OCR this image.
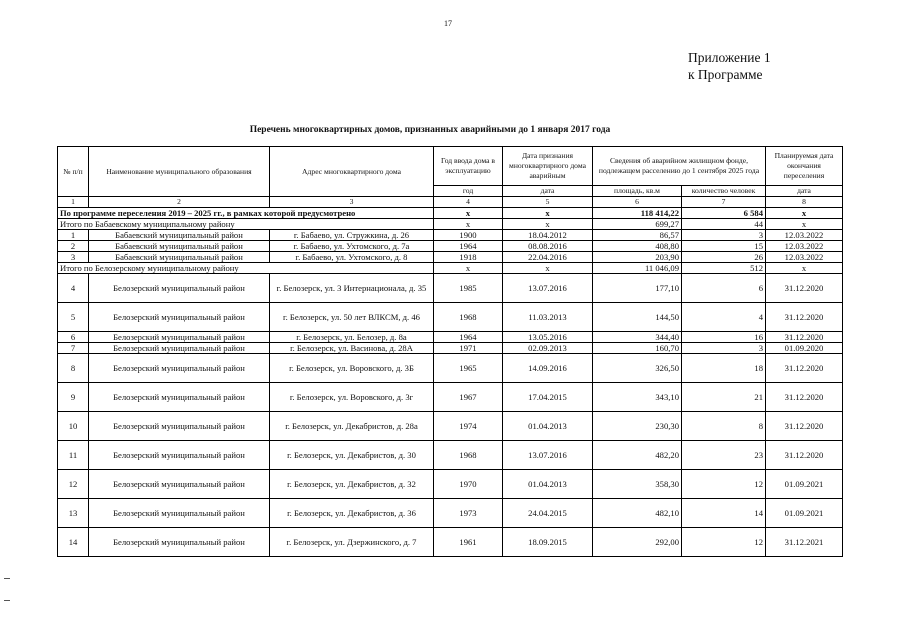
17
Приложение 1
к Программе
Перечень многоквартирных домов, признанных аварийными до 1 января 2017 года
№ п/п	Наименование муниципального образования	Адрес многоквартирного дома	Год ввода дома в эксплуатацию	Дата признания многоквартирного дома аварийным	Сведения об аварийном жилищном фонде, подлежащем расселению до 1 сентября 2025 года		Планируемая дата окончания переселения
			год	дата	площадь, кв.м	количество человек	дата
1	2	3	4	5	6	7	8
По программе переселения 2019 – 2025 гг., в рамках которой предусмотрено			x	x	118 414,22	6 584	x
Итого по Бабаевскому муниципальному району			x	x	699,27	44	x
1	Бабаевский муниципальный район	г. Бабаево, ул. Стружкина, д. 26	1900	18.04.2012	86,57	3	12.03.2022
2	Бабаевский муниципальный район	г. Бабаево, ул. Ухтомского, д. 7а	1964	08.08.2016	408,80	15	12.03.2022
3	Бабаевский муниципальный район	г. Бабаево, ул. Ухтомского, д. 8	1918	22.04.2016	203,90	26	12.03.2022
Итого по Белозерскому муниципальному району			x	x	11 046,09	512	x
4	Белозерский муниципальный район	г. Белозерск, ул. 3 Интернационала, д. 35	1985	13.07.2016	177,10	6	31.12.2020
5	Белозерский муниципальный район	г. Белозерск, ул. 50 лет ВЛКСМ, д. 46	1968	11.03.2013	144,50	4	31.12.2020
6	Белозерский муниципальный район	г. Белозерск, ул. Белозер, д. 8а	1964	13.05.2016	344,40	16	31.12.2020
7	Белозерский муниципальный район	г. Белозерск, ул. Васинова, д. 28А	1971	02.09.2013	160,70	3	01.09.2020
8	Белозерский муниципальный район	г. Белозерск, ул. Воровского, д. 3Б	1965	14.09.2016	326,50	18	31.12.2020
9	Белозерский муниципальный район	г. Белозерск, ул. Воровского, д. 3г	1967	17.04.2015	343,10	21	31.12.2020
10	Белозерский муниципальный район	г. Белозерск, ул. Декабристов, д. 28а	1974	01.04.2013	230,30	8	31.12.2020
11	Белозерский муниципальный район	г. Белозерск, ул. Декабристов, д. 30	1968	13.07.2016	482,20	23	31.12.2020
12	Белозерский муниципальный район	г. Белозерск, ул. Декабристов, д. 32	1970	01.04.2013	358,30	12	01.09.2021
13	Белозерский муниципальный район	г. Белозерск, ул. Декабристов, д. 36	1973	24.04.2015	482,10	14	01.09.2021
14	Белозерский муниципальный район	г. Белозерск, ул. Дзержинского, д. 7	1961	18.09.2015	292,00	12	31.12.2021
